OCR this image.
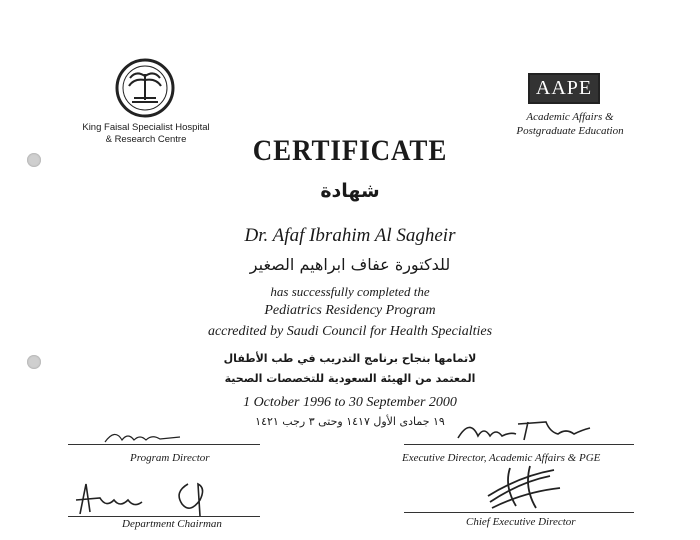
King Faisal Specialist Hospital
& Research Centre
AAPE
Academic Affairs &
Postgraduate Education
CERTIFICATE
شهادة
Dr. Afaf Ibrahim Al Sagheir
للدكتورة عفاف ابراهيم الصغير
has successfully completed the
Pediatrics Residency Program
accredited by Saudi Council for Health Specialties
لاتمامها بنجاح برنامج التدريب في طب الأطفال
المعتمد من الهيئة السعودية للتخصصات الصحية
1 October 1996 to 30 September 2000
١٩ جمادى الأول ١٤١٧ وحتى ٣ رجب ١٤٢١
Program Director	Executive Director, Academic Affairs & PGE
Department Chairman	Chief Executive Director
